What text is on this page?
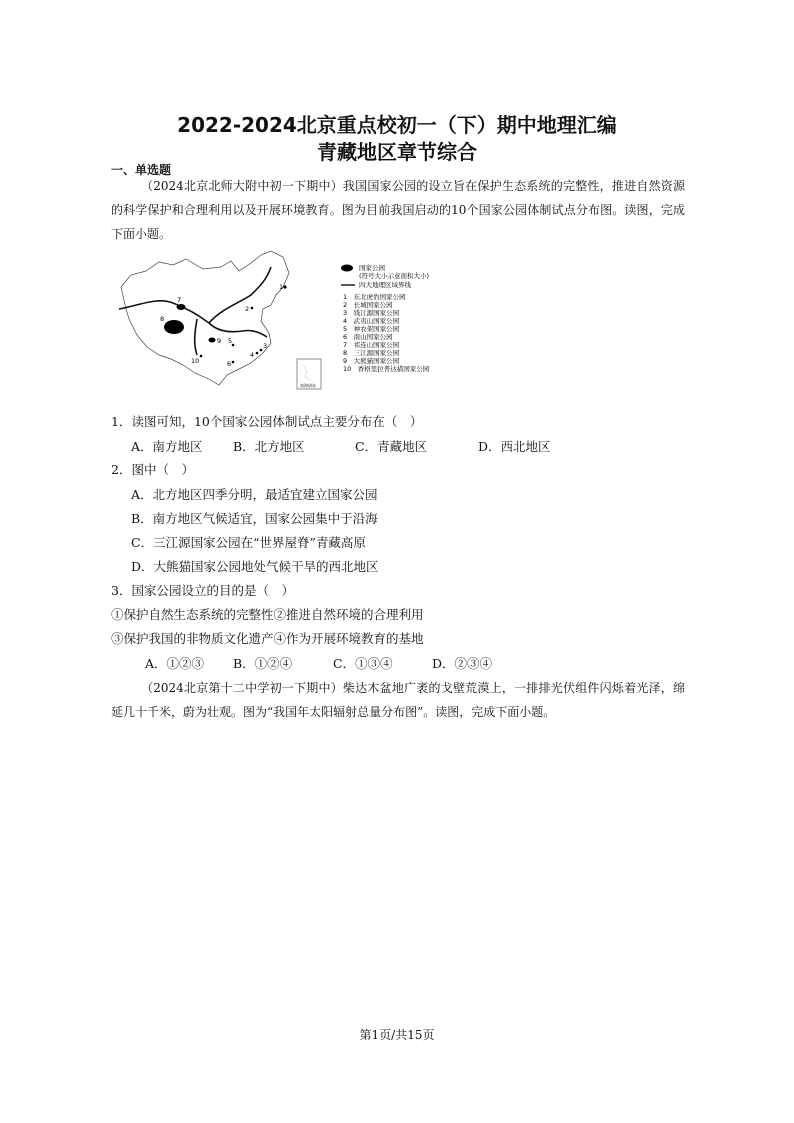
2022-2024北京重点校初一（下）期中地理汇编
青藏地区章节综合
一、单选题
（2024北京北师大附中初一下期中）我国国家公园的设立旨在保护生态系统的完整性，推进自然资源的科学保护和合理利用以及开展环境教育。图为目前我国启动的10个国家公园体制试点分布图。读图，完成下面小题。
1
2
3
4
5
6
7
8
9
10
南海诸岛
国家公园
(符号大小示意面积大小)
四大地理区域界线
1　东北虎豹国家公园
2　长城国家公园
3　钱江源国家公园
4　武夷山国家公园
5　神农架国家公园
6　南山国家公园
7　祁连山国家公园
8　三江源国家公园
9　大熊猫国家公园
10　香格里拉普达措国家公园
1．读图可知，10个国家公园体制试点主要分布在（　）
A．南方地区 B．北方地区	C．青藏地区	D．西北地区
2．图中（　）
A．北方地区四季分明，最适宜建立国家公园
B．南方地区气候适宜，国家公园集中于沿海
C．三江源国家公园在“世界屋脊”青藏高原
D．大熊猫国家公园地处气候干旱的西北地区
3．国家公园设立的目的是（　）
①保护自然生态系统的完整性②推进自然环境的合理利用
③保护我国的非物质文化遗产④作为开展环境教育的基地
A．①②③ B．①②④	C．①③④	D．②③④
（2024北京第十二中学初一下期中）柴达木盆地广袤的戈壁荒漠上，一排排光伏组件闪烁着光泽，绵延几十千米，蔚为壮观。图为“我国年太阳辐射总量分布图”。读图，完成下面小题。
第1页/共15页
